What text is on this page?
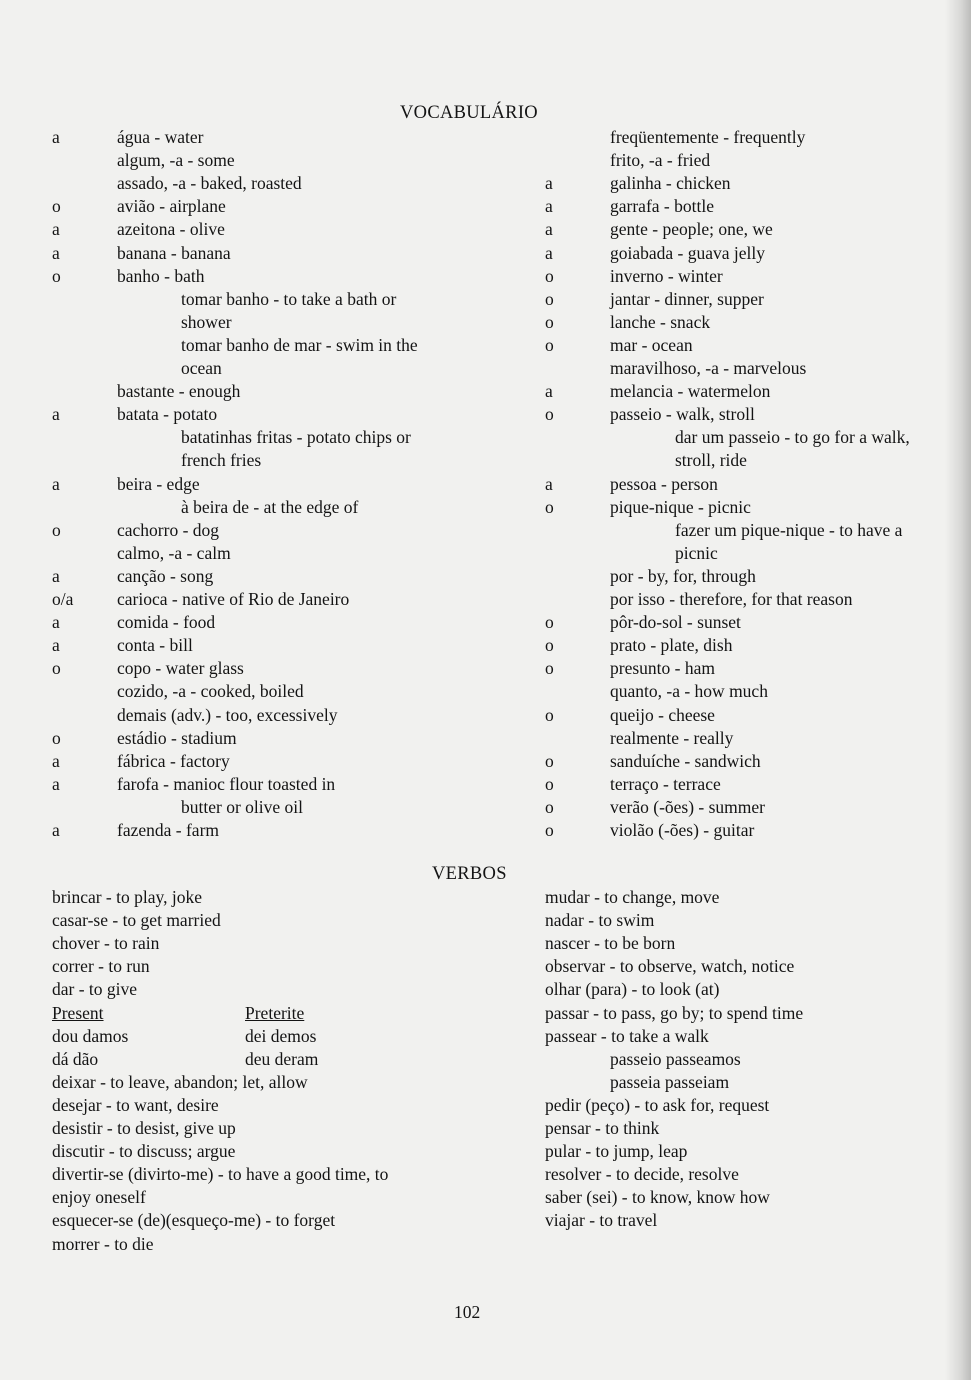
VOCABULÁRIO
a	água - water
algum, -a - some
assado, -a - baked, roasted
o	avião - airplane
a	azeitona - olive
a	banana - banana
o	banho - bath
tomar banho - to take a bath or
shower
tomar banho de mar - swim in the
ocean
bastante - enough
a	batata - potato
batatinhas fritas - potato chips or
french fries
a	beira - edge
à beira de - at the edge of
o	cachorro - dog
calmo, -a - calm
a	canção - song
o/a carioca - native of Rio de Janeiro
a	comida - food
a	conta - bill
o	copo - water glass
cozido, -a - cooked, boiled
demais (adv.) - too, excessively
o	estádio - stadium
a	fábrica - factory
a	farofa - manioc flour toasted in
butter or olive oil
a	fazenda - farm
freqüentemente - frequently
frito, -a - fried
a	galinha - chicken
a	garrafa - bottle
a	gente - people; one, we
a	goiabada - guava jelly
o	inverno - winter
o	jantar - dinner, supper
o	lanche - snack
o	mar - ocean
maravilhoso, -a - marvelous
a	melancia - watermelon
o	passeio - walk, stroll
dar um passeio - to go for a walk,
stroll, ride
a	pessoa - person
o	pique-nique - picnic
fazer um pique-nique - to have a
picnic
por - by, for, through
por isso - therefore, for that reason
o	pôr-do-sol - sunset
o	prato - plate, dish
o	presunto - ham
quanto, -a - how much
o	queijo - cheese
realmente - really
o	sanduíche - sandwich
o	terraço - terrace
o	verão (-ões) - summer
o	violão (-ões) - guitar
VERBOS
brincar - to play, joke
casar-se - to get married
chover - to rain
correr - to run
dar - to give
Present	Preterite
dou damos	dei demos
dá dão	deu deram
deixar - to leave, abandon; let, allow
desejar - to want, desire
desistir - to desist, give up
discutir - to discuss; argue
divertir-se (divirto-me) - to have a good time, to
enjoy oneself
esquecer-se (de)(esqueço-me) - to forget
morrer - to die
mudar - to change, move
nadar - to swim
nascer - to be born
observar - to observe, watch, notice
olhar (para) - to look (at)
passar - to pass, go by; to spend time
passear - to take a walk
passeio passeamos
passeia passeiam
pedir (peço) - to ask for, request
pensar - to think
pular - to jump, leap
resolver - to decide, resolve
saber (sei) - to know, know how
viajar - to travel
102
